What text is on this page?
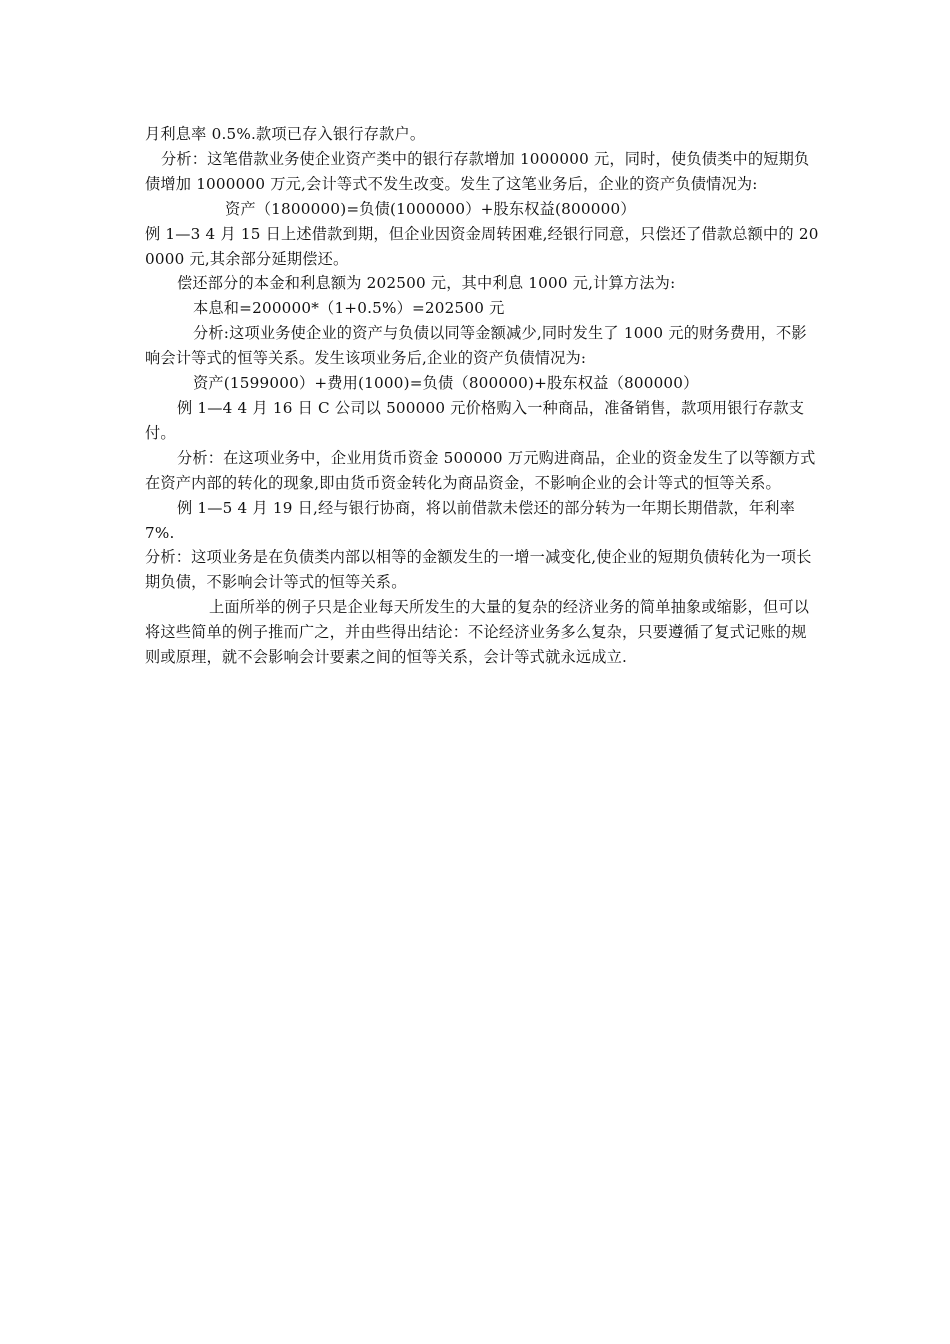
月利息率 0.5%.款项已存入银行存款户。

分析：这笔借款业务使企业资产类中的银行存款增加 1000000 元，同时，使负债类中的短期负债增加 1000000 万元,会计等式不发生改变。发生了这笔业务后，企业的资产负债情况为:

资产（1800000)=负债(1000000）+股东权益(800000）

例 1—3 4 月 15 日上述借款到期，但企业因资金周转困难,经银行同意，只偿还了借款总额中的 200000 元,其余部分延期偿还。

偿还部分的本金和利息额为 202500 元，其中利息 1000 元,计算方法为:

本息和=200000*（1+0.5%）=202500 元

分析:这项业务使企业的资产与负债以同等金额减少,同时发生了 1000 元的财务费用，不影响会计等式的恒等关系。发生该项业务后,企业的资产负债情况为:

资产(1599000）+费用(1000)=负债（800000)+股东权益（800000）

例 1—4 4 月 16 日 C 公司以 500000 元价格购入一种商品，准备销售，款项用银行存款支付。

分析：在这项业务中，企业用货币资金 500000 万元购进商品，企业的资金发生了以等额方式在资产内部的转化的现象,即由货币资金转化为商品资金，不影响企业的会计等式的恒等关系。

例 1—5 4 月 19 日,经与银行协商，将以前借款未偿还的部分转为一年期长期借款，年利率 7%.

分析：这项业务是在负债类内部以相等的金额发生的一增一减变化,使企业的短期负债转化为一项长期负债，不影响会计等式的恒等关系。

上面所举的例子只是企业每天所发生的大量的复杂的经济业务的简单抽象或缩影，但可以将这些简单的例子推而广之，并由些得出结论：不论经济业务多么复杂，只要遵循了复式记账的规则或原理，就不会影响会计要素之间的恒等关系，会计等式就永远成立.
